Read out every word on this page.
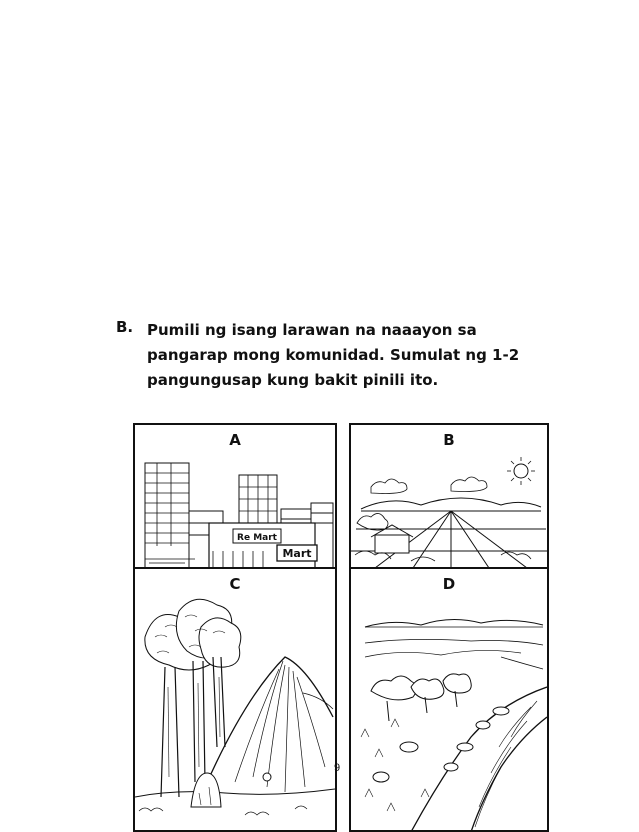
B. Pumili ng isang larawan na naaayon sa
pangarap mong komunidad. Sumulat ng 1-2
pangungusap kung bakit pinili ito.
A
Re Mart
Mart
B
C	D
9
